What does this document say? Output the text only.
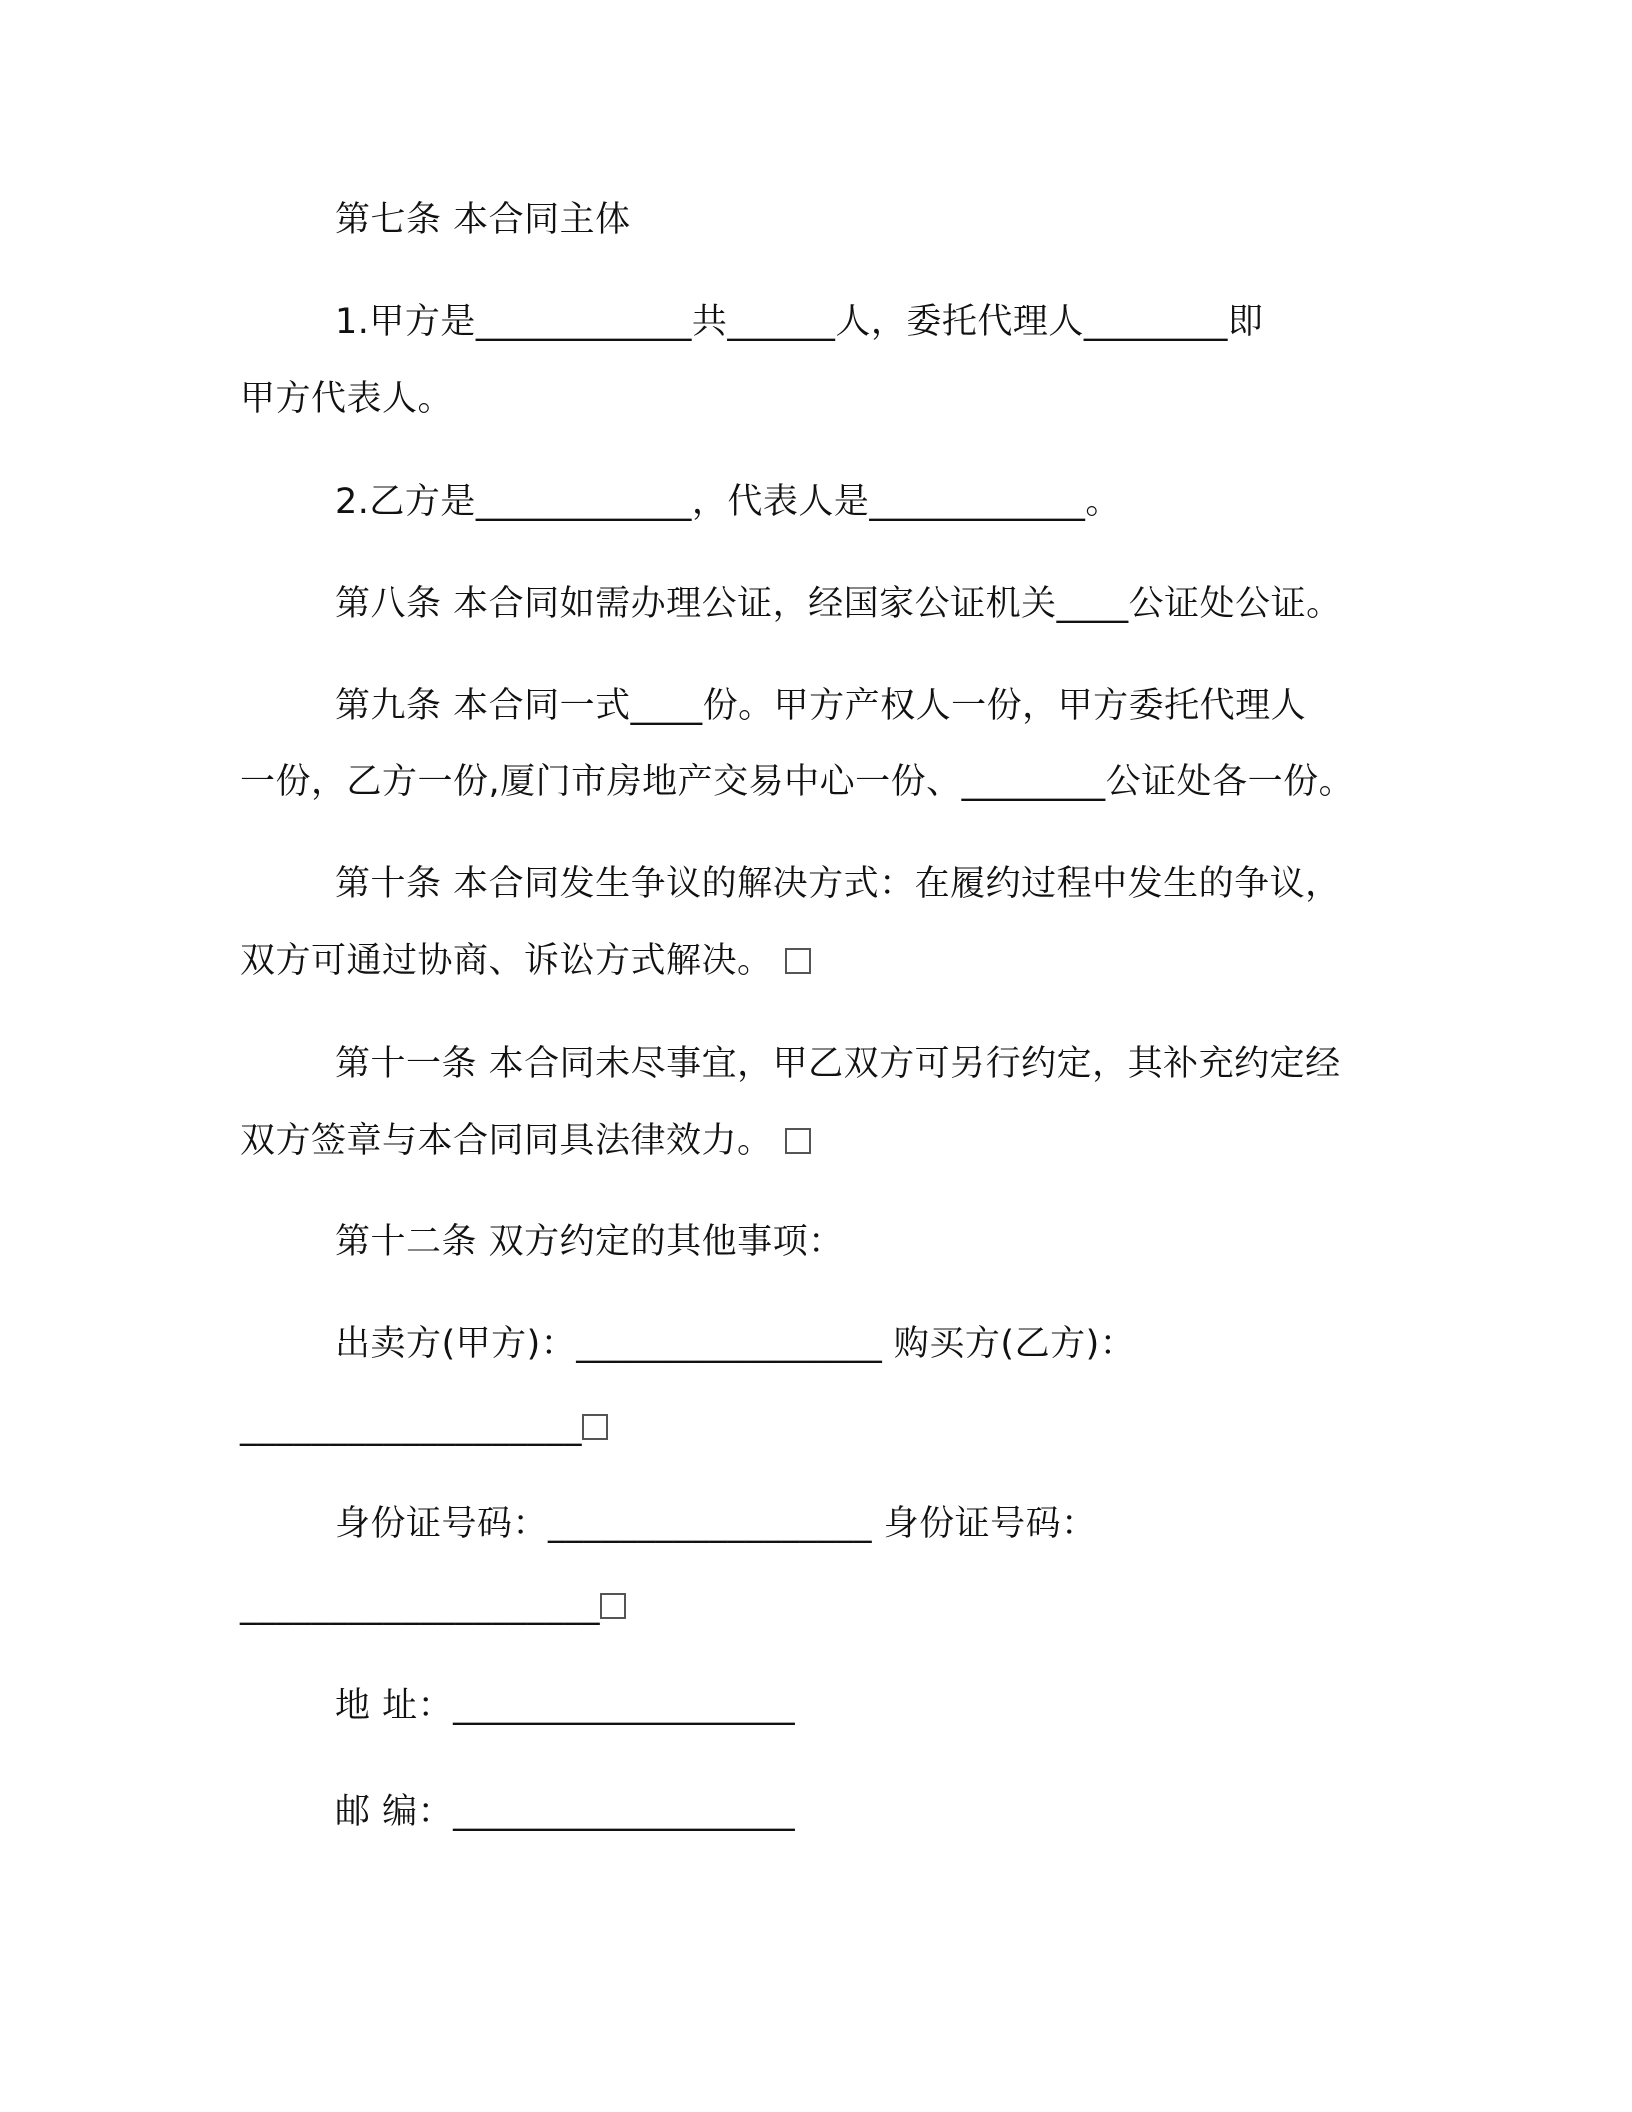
第七条 本合同主体
1.甲方是____________共______人，委托代理人________即
甲方代表人。
2.乙方是____________，代表人是____________。
第八条 本合同如需办理公证，经国家公证机关____公证处公证。
第九条 本合同一式____份。甲方产权人一份，甲方委托代理人
一份，乙方一份,厦门市房地产交易中心一份、________公证处各一份。
第十条 本合同发生争议的解决方式：在履约过程中发生的争议，
双方可通过协商、诉讼方式解决。
第十一条 本合同未尽事宜，甲乙双方可另行约定，其补充约定经
双方签章与本合同同具法律效力。
第十二条 双方约定的其他事项：
出卖方(甲方)：_________________ 购买方(乙方)：
___________________
身份证号码：__________________ 身份证号码：
____________________
地 址：___________________
邮 编：___________________
